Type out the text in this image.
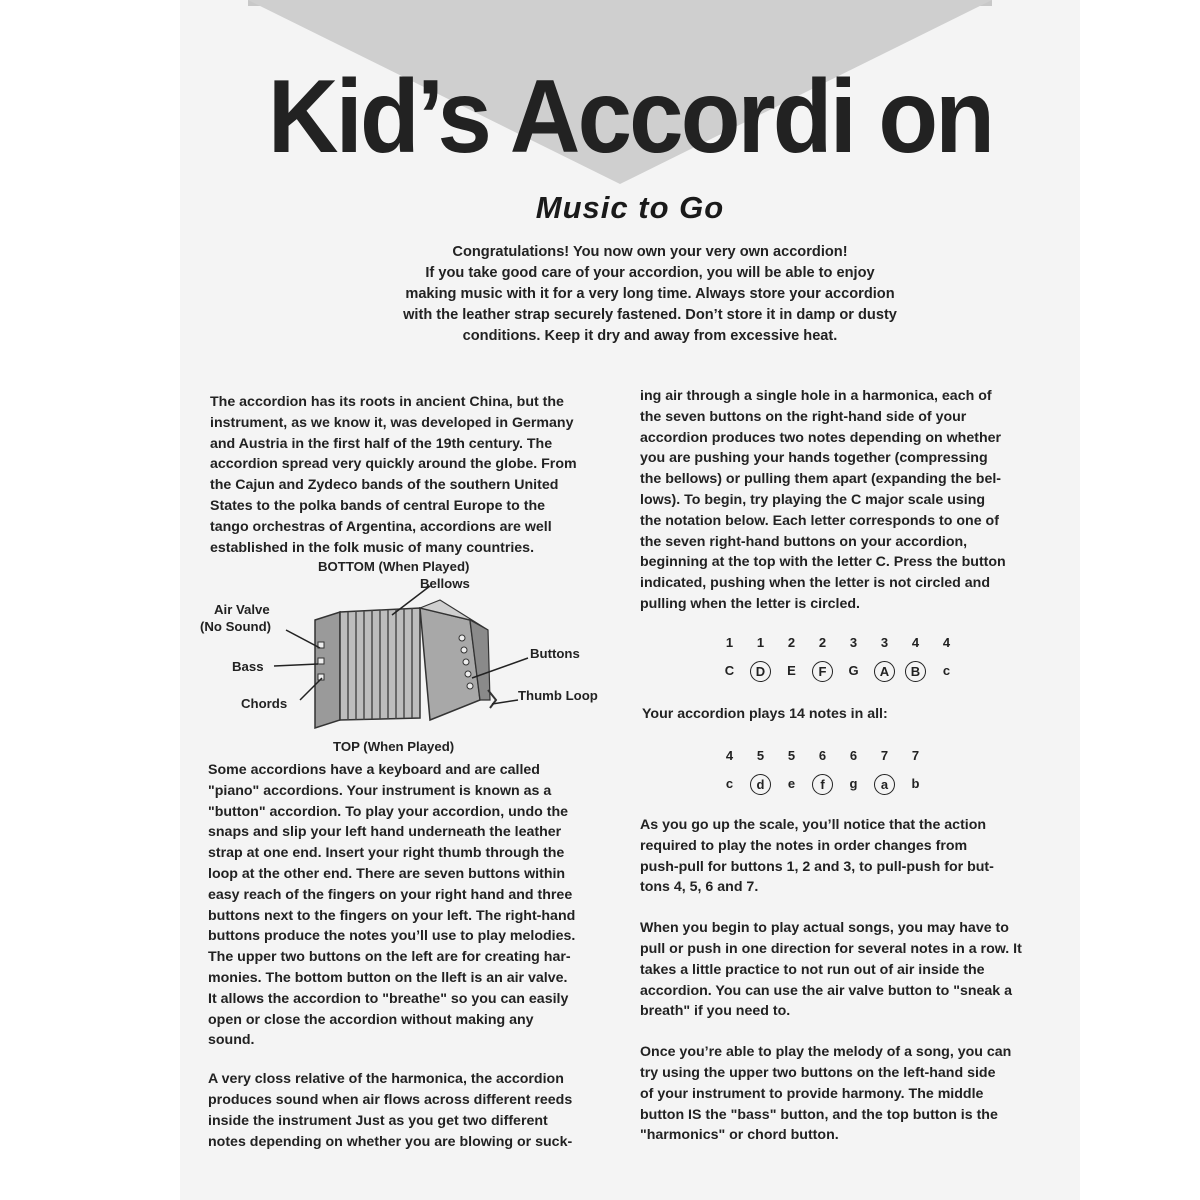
Kid’s Accordi on
Music to Go
Congratulations! You now own your very own accordion!
If you take good care of your accordion, you will be able to enjoy
making music with it for a very long time. Always store your accordion
with the leather strap securely fastened. Don’t store it in damp or dusty
conditions. Keep it dry and away from excessive heat.

The accordion has its roots in ancient China, but the

instrument, as we know it, was developed in Germany

and Austria in the first half of the 19th century. The

accordion spread very quickly around the globe. From

the Cajun and Zydeco bands of the southern United

States to the polka bands of central Europe to the

tango orchestras of Argentina, accordions are well

established in the folk music of many countries.

BOTTOM (When Played)
Bellows
Air Valve
(No Sound)
Bass
Chords
Buttons
Thumb Loop
TOP (When Played)

Some accordions have a keyboard and are called

"piano" accordions. Your instrument is known as a

"button" accordion. To play your accordion, undo the

snaps and slip your left hand underneath the leather

strap at one end. Insert your right thumb through the

loop at the other end. There are seven buttons within

easy reach of the fingers on your right hand and three

buttons next to the fingers on your left. The right-hand

buttons produce the notes you’ll use to play melodies.

The upper two buttons on the left are for creating har-

monies. The bottom button on the lleft is an air valve.

It allows the accordion to "breathe" so you can easily

open or close the accordion without making any

sound.

A very closs relative of the harmonica, the accordion

produces sound when air flows across different reeds

inside the instrument Just as you get two different

notes depending on whether you are blowing or suck-

ing air through a single hole in a harmonica, each of

the seven buttons on the right-hand side of your

accordion produces two notes depending on whether

you are pushing your hands together (compressing

the bellows) or pulling them apart (expanding the bel-

lows). To begin, try playing the C major scale using

the notation below. Each letter corresponds to one of

the seven right-hand buttons on your accordion,

beginning at the top with the letter C. Press the button

indicated, pushing when the letter is not circled and

pulling when the letter is circled.

1	1	2	2	3	3	4	4
C	D	E	F	G	A	B	c
Your accordion plays 14 notes in all:
4	5	5	6	6	7	7
c	d	e	f	g	a	b

As you go up the scale, you’ll notice that the action

required to play the notes in order changes from

push-pull for buttons 1, 2 and 3, to pull-push for but-

tons 4, 5, 6 and 7.

When you begin to play actual songs, you may have to

pull or push in one direction for several notes in a row. It

takes a little practice to not run out of air inside the

accordion. You can use the air valve button to "sneak a

breath" if you need to.

Once you’re able to play the melody of a song, you can

try using the upper two buttons on the left-hand side

of your instrument to provide harmony. The middle

button IS the "bass" button, and the top button is the

"harmonics" or chord button.
